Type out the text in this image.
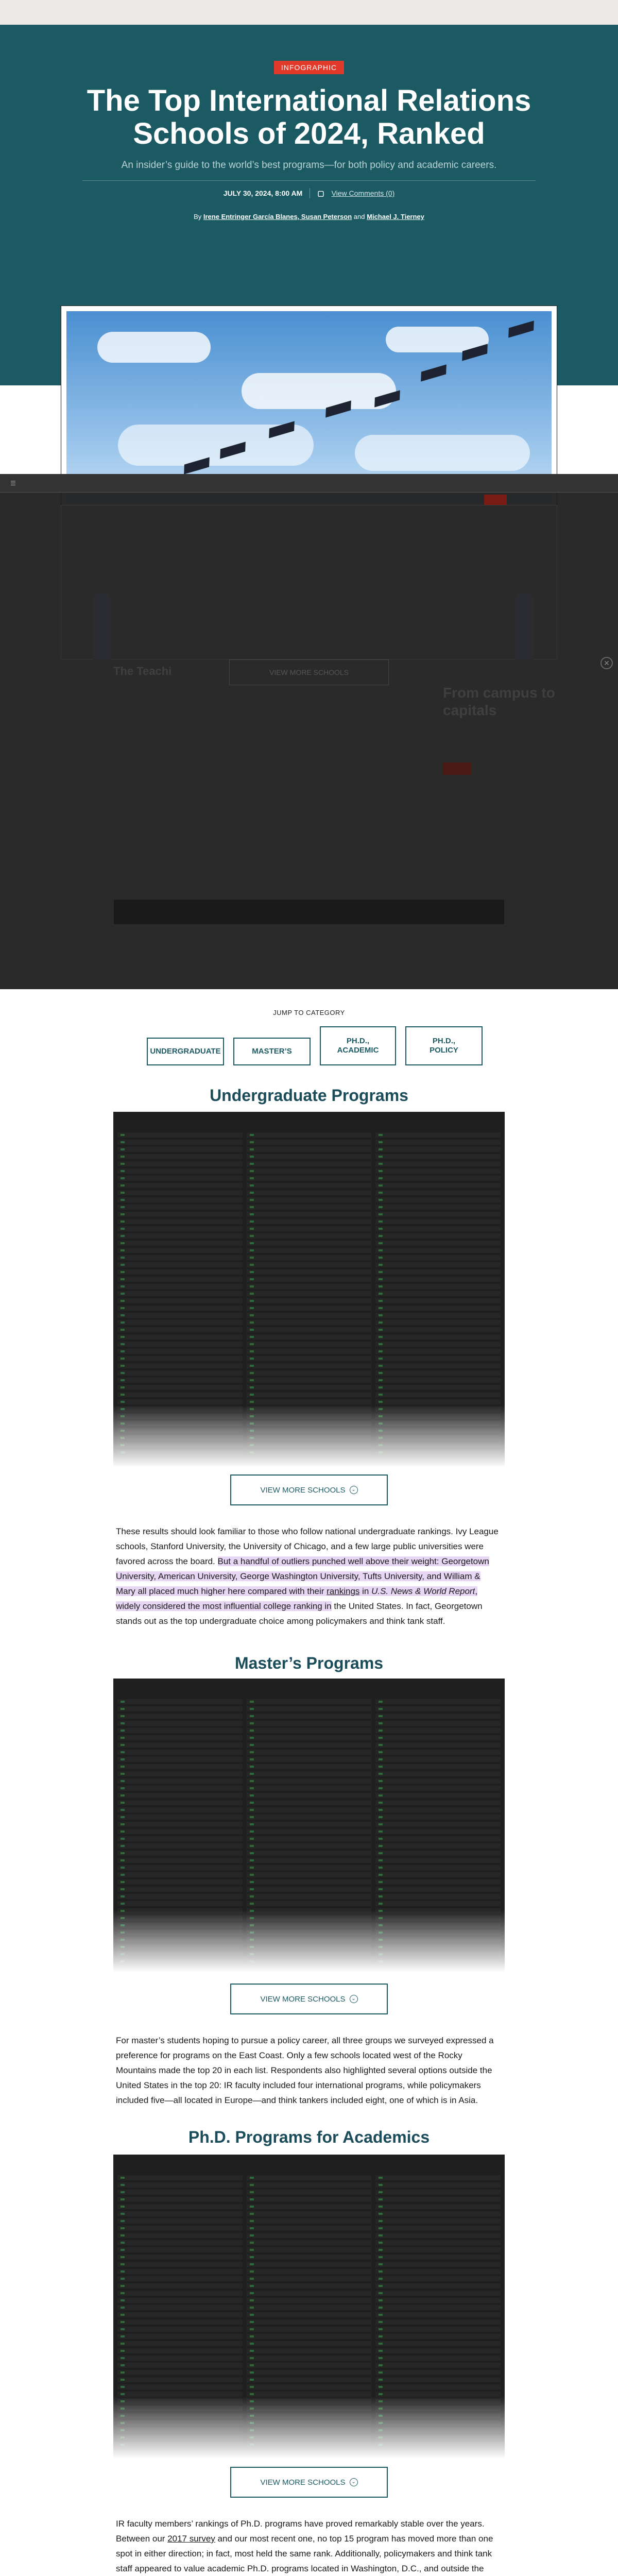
INFOGRAPHIC
The Top International Relations Schools of 2024, Ranked

An insider’s guide to the world’s best programs—for both policy and academic careers.

JULY 30, 2024, 8:00 AM ▢ View Comments (0)
By Irene Entringer García Blanes, Susan Peterson and Michael J. Tierney
☰

VIEW MORE SCHOOLS
The Teachi
From campus to capitals

✕
JUMP TO CATEGORY
UNDERGRADUATE	MASTER’S
PH.D., ACADEMIC
PH.D., POLICY
Undergraduate Programs
VIEW MORE SCHOOLS	⌄

These results should look familiar to those who follow national undergraduate rankings. Ivy League schools, Stanford University, the University of Chicago, and a few large public universities were favored across the board. But a handful of outliers punched well above their weight: Georgetown University, American University, George Washington University, Tufts University, and William & Mary all placed much higher here compared with their rankings in U.S. News & World Report, widely considered the most influential college ranking in the United States. In fact, Georgetown stands out as the top undergraduate choice among policymakers and think tank staff.

Master’s Programs
VIEW MORE SCHOOLS	⌄

For master’s students hoping to pursue a policy career, all three groups we surveyed expressed a preference for programs on the East Coast. Only a few schools located west of the Rocky Mountains made the top 20 in each list. Respondents also highlighted several options outside the United States in the top 20: IR faculty included four international programs, while policymakers included five—all located in Europe—and think tankers included eight, one of which is in Asia.

Ph.D. Programs for Academics
VIEW MORE SCHOOLS	⌄

IR faculty members’ rankings of Ph.D. programs have proved remarkably stable over the years. Between our 2017 survey and our most recent one, no top 15 program has moved more than one spot in either direction; in fact, most held the same rank. Additionally, policymakers and think tank staff appeared to value academic Ph.D. programs located in Washington, D.C., and outside the
